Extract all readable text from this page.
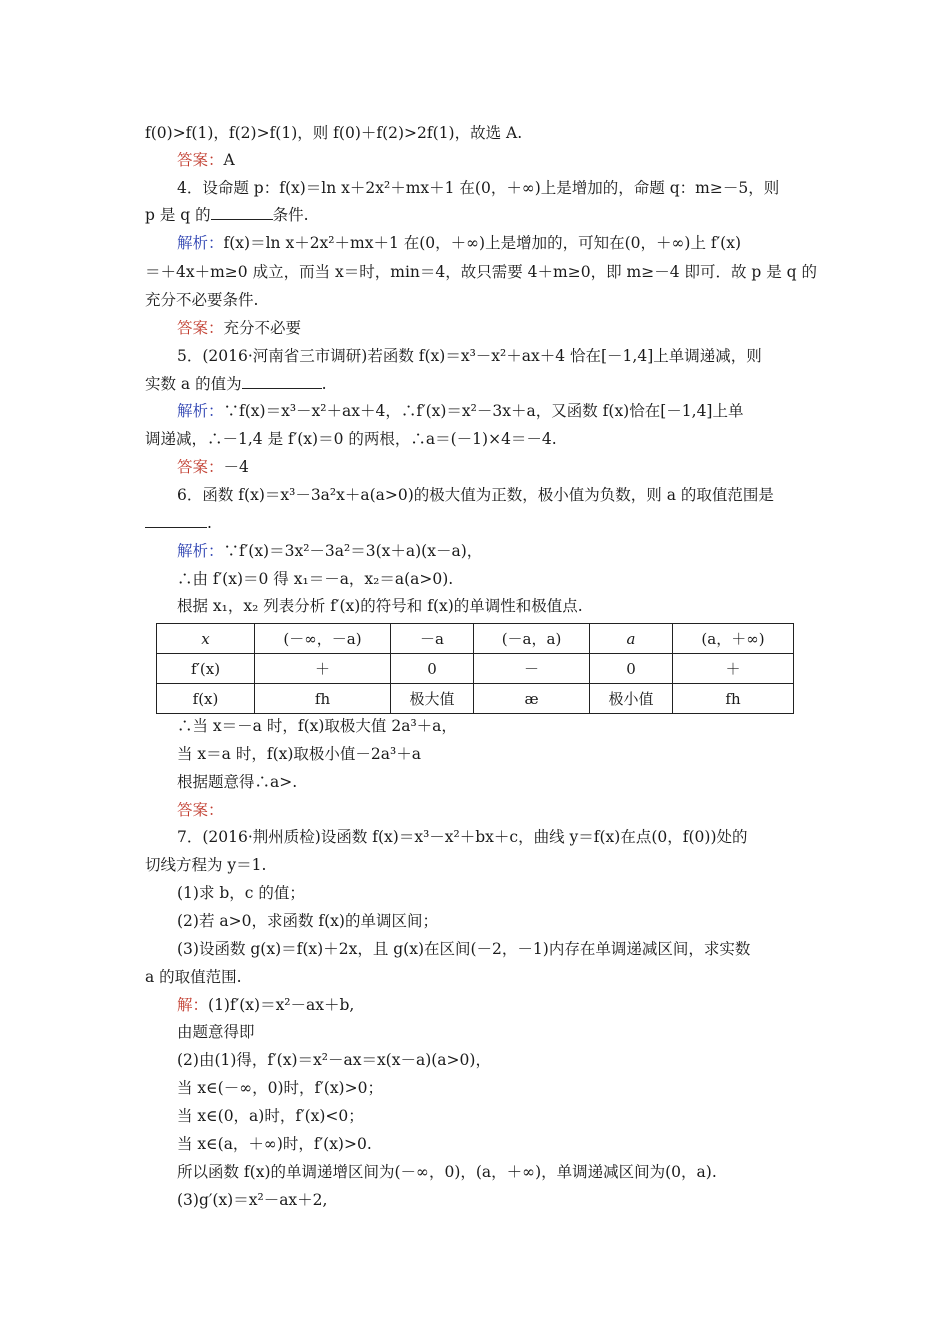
f(0)>f(1)，f(2)>f(1)，则 f(0)＋f(2)>2f(1)，故选 A.
答案：A
4．设命题 p：f(x)＝ln x＋2x²＋mx＋1 在(0，＋∞)上是增加的，命题 q：m≥－5，则
p 是 q 的	条件.
解析：f(x)＝ln x＋2x²＋mx＋1 在(0，＋∞)上是增加的，可知在(0，＋∞)上 f′(x)
＝＋4x＋m≥0 成立，而当 x＝时，min＝4，故只需要 4＋m≥0，即 m≥－4 即可．故 p 是 q 的
充分不必要条件.
答案：充分不必要
5．(2016·河南省三市调研)若函数 f(x)＝x³－x²＋ax＋4 恰在[－1,4]上单调递减，则
实数 a 的值为	.
解析：∵f(x)＝x³－x²＋ax＋4，∴f′(x)＝x²－3x＋a，又函数 f(x)恰在[－1,4]上单
调递减，∴－1,4 是 f′(x)＝0 的两根，∴a＝(－1)×4＝－4.
答案：－4
6．函数 f(x)＝x³－3a²x＋a(a>0)的极大值为正数，极小值为负数，则 a 的取值范围是
.
解析：∵f′(x)＝3x²－3a²＝3(x＋a)(x－a)，
∴由 f′(x)＝0 得 x₁＝－a，x₂＝a(a>0).
根据 x₁，x₂ 列表分析 f′(x)的符号和 f(x)的单调性和极值点.
x	(－∞，－a)	－a	(－a，a)	a	(a，＋∞)
f′(x)	＋	0	－	0	＋
f(x)	fh	极大值	æ	极小值	fh
∴当 x＝－a 时，f(x)取极大值 2a³＋a，
当 x＝a 时，f(x)取极小值－2a³＋a
根据题意得∴a>.
答案：
7．(2016·荆州质检)设函数 f(x)＝x³－x²＋bx＋c，曲线 y＝f(x)在点(0，f(0))处的
切线方程为 y＝1.
(1)求 b，c 的值；
(2)若 a>0，求函数 f(x)的单调区间；
(3)设函数 g(x)＝f(x)＋2x，且 g(x)在区间(－2，－1)内存在单调递减区间，求实数
a 的取值范围.
解：(1)f′(x)＝x²－ax＋b,
由题意得即
(2)由(1)得，f′(x)＝x²－ax＝x(x－a)(a>0)，
当 x∈(－∞，0)时，f′(x)>0；
当 x∈(0，a)时，f′(x)<0；
当 x∈(a，＋∞)时，f′(x)>0.
所以函数 f(x)的单调递增区间为(－∞，0)，(a，＋∞)，单调递减区间为(0，a).
(3)g′(x)＝x²－ax＋2,
